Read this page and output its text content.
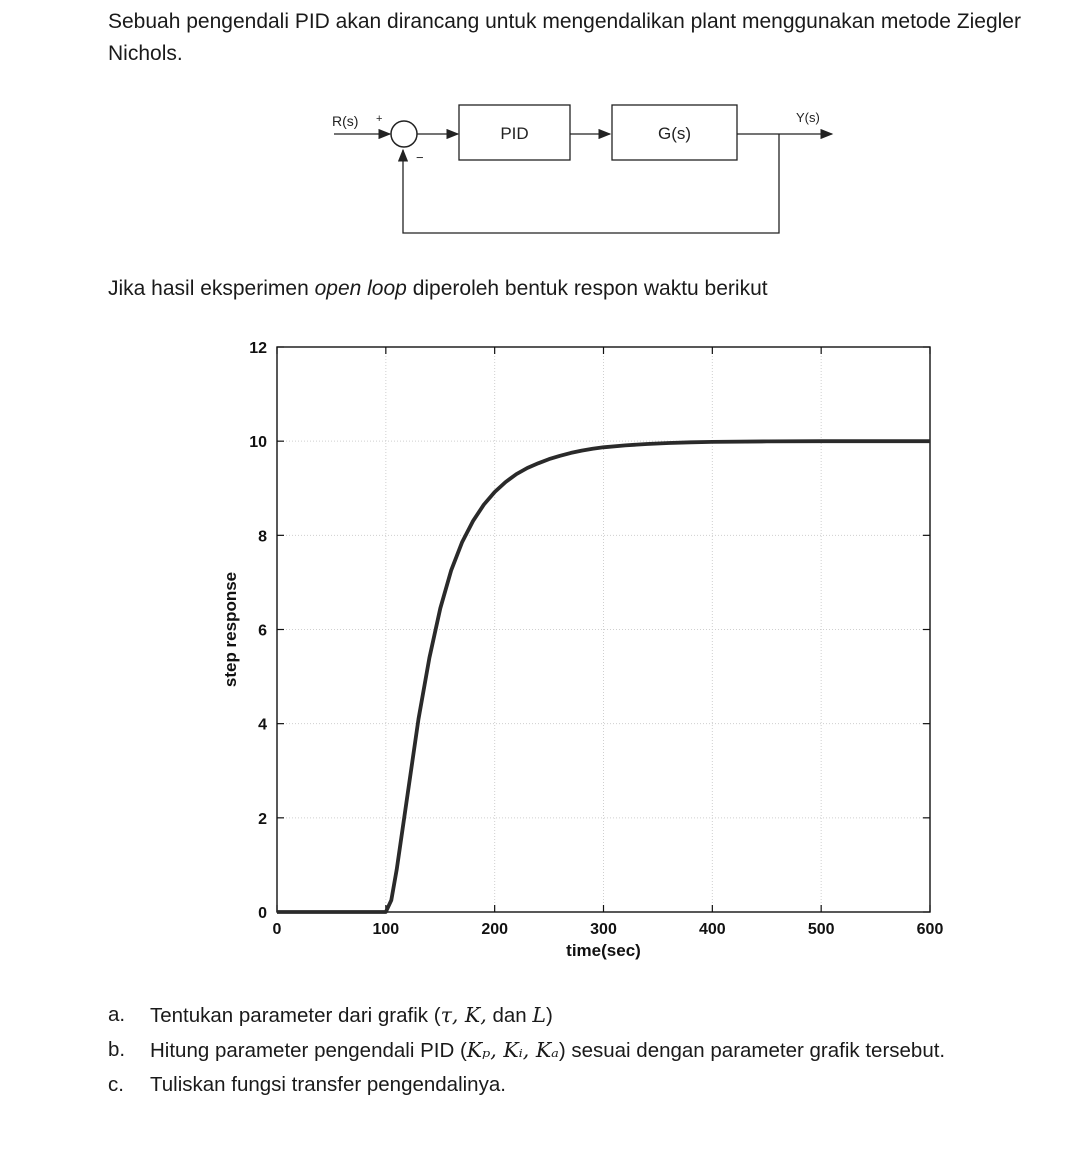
Sebuah pengendali PID akan dirancang untuk mengendalikan plant menggunakan metode Ziegler Nichols.

R(s) +
PID	G(s)
Y(s)
−

Jika hasil eksperimen open loop diperoleh bentuk respon waktu berikut

0	100	200	300	400	500	600
0
2
4
6
8
10
12
time(sec)
step response
a.	Tentukan parameter dari grafik (τ, K, dan L)
b.	Hitung parameter pengendali PID (Kₚ, Kᵢ, Kₐ) sesuai dengan parameter grafik tersebut.
c.	Tuliskan fungsi transfer pengendalinya.
